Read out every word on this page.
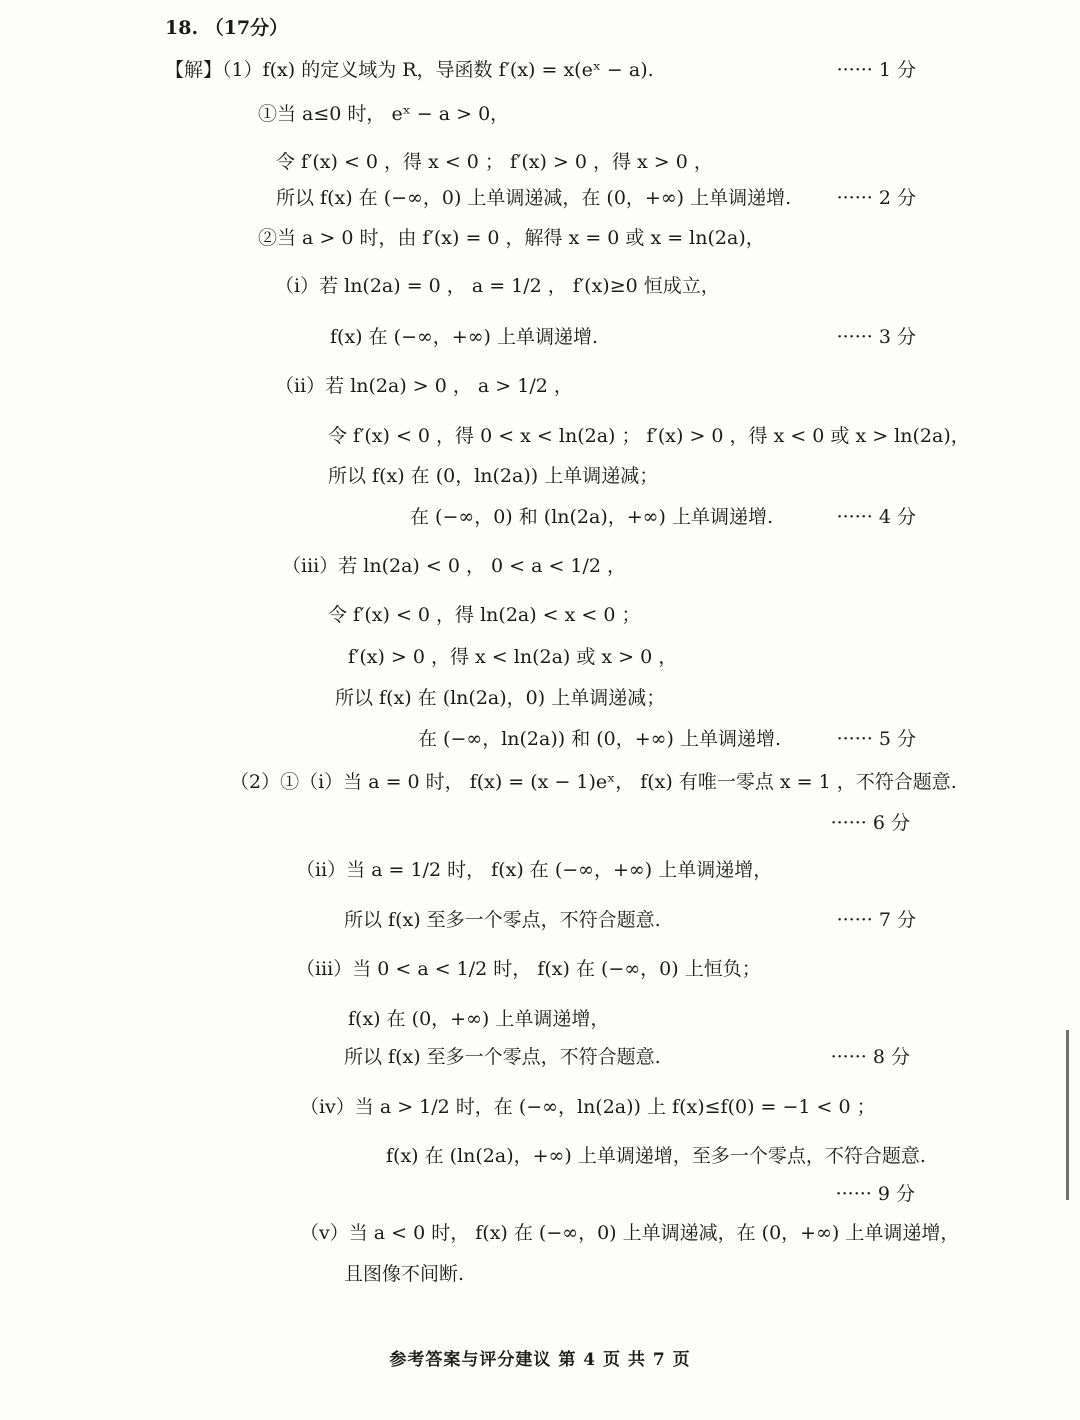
18. （17分）
【解】（1）f(x) 的定义域为 R，导函数 f′(x) = x(eˣ − a).
①当 a≤0 时， eˣ − a > 0，
令 f′(x) < 0 ，得 x < 0 ； f′(x) > 0 ，得 x > 0 ，
所以 f(x) 在 (−∞，0) 上单调递减，在 (0，+∞) 上单调递增.
②当 a > 0 时，由 f′(x) = 0 ，解得 x = 0 或 x = ln(2a)，
（ⅰ）若 ln(2a) = 0 ， a = 1/2 ， f′(x)≥0 恒成立，
f(x) 在 (−∞，+∞) 上单调递增.
（ⅱ）若 ln(2a) > 0 ， a > 1/2 ，
令 f′(x) < 0 ，得 0 < x < ln(2a) ； f′(x) > 0 ，得 x < 0 或 x > ln(2a)，
所以 f(x) 在 (0，ln(2a)) 上单调递减；
在 (−∞，0) 和 (ln(2a)，+∞) 上单调递增.
（ⅲ）若 ln(2a) < 0 ， 0 < a < 1/2 ，
令 f′(x) < 0 ，得 ln(2a) < x < 0 ；
f′(x) > 0 ，得 x < ln(2a) 或 x > 0 ，
所以 f(x) 在 (ln(2a)，0) 上单调递减；
在 (−∞，ln(2a)) 和 (0，+∞) 上单调递增.
（2）①（ⅰ）当 a = 0 时， f(x) = (x − 1)eˣ， f(x) 有唯一零点 x = 1 ，不符合题意.
（ⅱ）当 a = 1/2 时， f(x) 在 (−∞，+∞) 上单调递增，
所以 f(x) 至多一个零点，不符合题意.
（ⅲ）当 0 < a < 1/2 时， f(x) 在 (−∞，0) 上恒负；
f(x) 在 (0，+∞) 上单调递增，
所以 f(x) 至多一个零点，不符合题意.
（ⅳ）当 a > 1/2 时，在 (−∞，ln(2a)) 上 f(x)≤f(0) = −1 < 0 ；
f(x) 在 (ln(2a)，+∞) 上单调递增，至多一个零点，不符合题意.
（ⅴ）当 a < 0 时， f(x) 在 (−∞，0) 上单调递减，在 (0，+∞) 上单调递增，
且图像不间断.
······ 1 分
······ 2 分
······ 3 分
······ 4 分
······ 5 分
······ 6 分
······ 7 分
······ 8 分
······ 9 分
参考答案与评分建议 第 4 页 共 7 页
